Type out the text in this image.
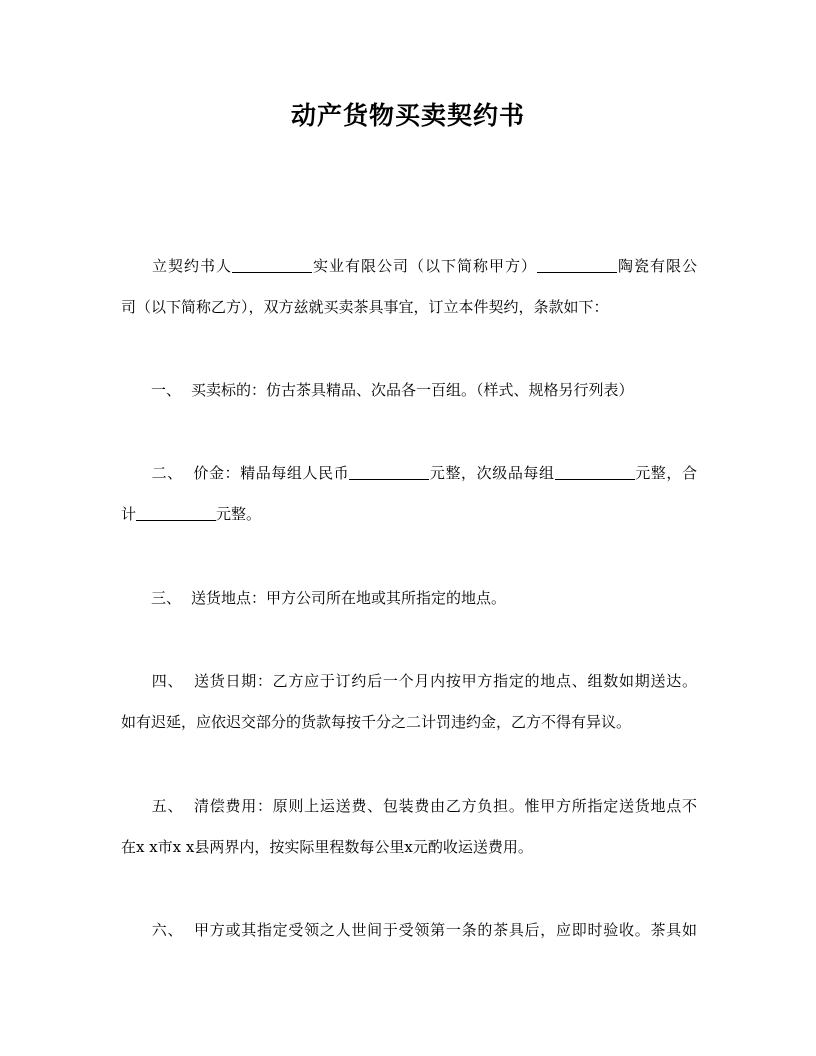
动产货物买卖契约书
立契约书人	实业有限公司（以下简称甲方）	陶瓷有限公
司（以下简称乙方），双方兹就买卖茶具事宜，订立本件契约，条款如下：
一、 买卖标的：仿古茶具精品、次品各一百组。（样式、规格另行列表）
二、 价金：精品每组人民币	元整，次级品每组	元整，合
计	元整。
三、 送货地点：甲方公司所在地或其所指定的地点。
四、 送货日期：乙方应于订约后一个月内按甲方指定的地点、组数如期送达。
如有迟延，应依迟交部分的货款每按千分之二计罚违约金，乙方不得有异议。
五、 清偿费用：原则上运送费、包装费由乙方负担。惟甲方所指定送货地点不
在x x市x x县两界内，按实际里程数每公里x元酌收运送费用。
六、 甲方或其指定受领之人世间于受领第一条的茶具后，应即时验收。茶具如
